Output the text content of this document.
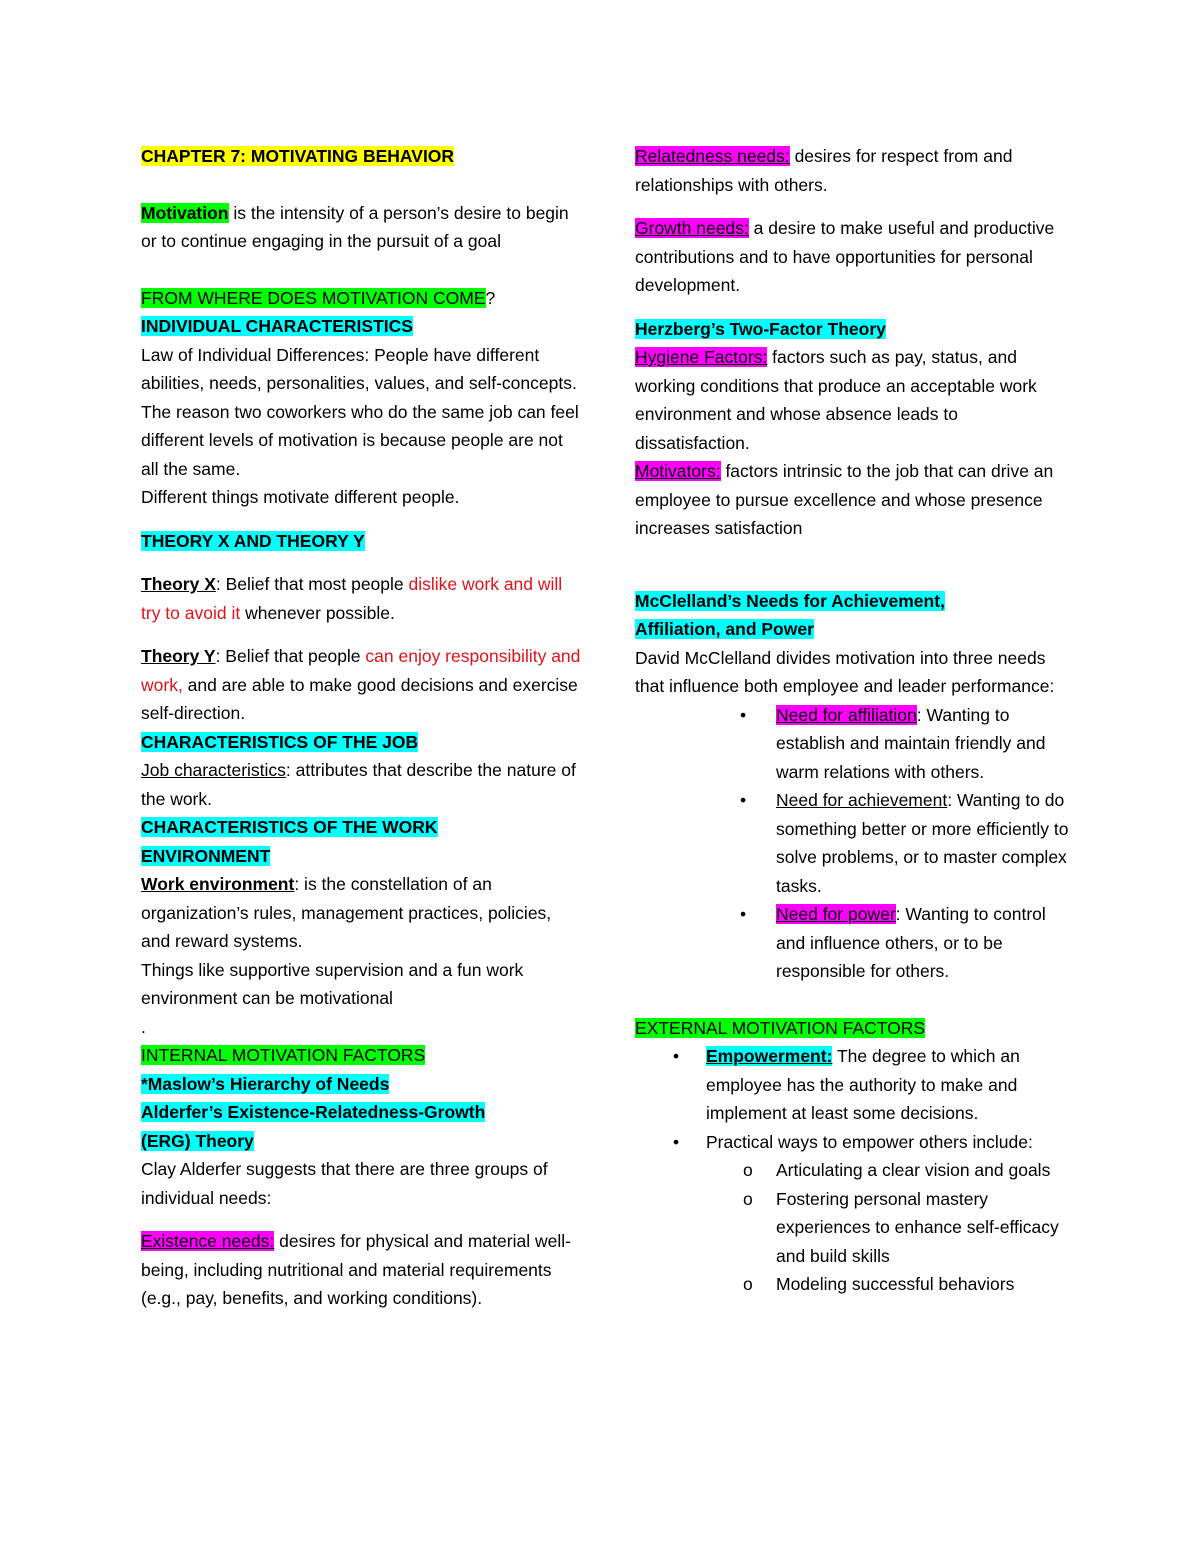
CHAPTER 7: MOTIVATING BEHAVIOR

Motivation is the intensity of a person’s desire to begin or to continue engaging in the pursuit of a goal

FROM WHERE DOES MOTIVATION COME?

INDIVIDUAL CHARACTERISTICS

Law of Individual Differences: People have different abilities, needs, personalities, values, and self-concepts.

The reason two coworkers who do the same job can feel different levels of motivation is because people are not all the same.

Different things motivate different people.

THEORY X AND THEORY Y

Theory X: Belief that most people dislike work and will try to avoid it whenever possible.

Theory Y: Belief that people can enjoy responsibility and work, and are able to make good decisions and exercise self-direction.

CHARACTERISTICS OF THE JOB

Job characteristics: attributes that describe the nature of the work.

CHARACTERISTICS OF THE WORK
ENVIRONMENT

Work environment: is the constellation of an organization’s rules, management practices, policies, and reward systems.

Things like supportive supervision and a fun work environment can be motivational

.

INTERNAL MOTIVATION FACTORS

*Maslow’s Hierarchy of Needs

Alderfer’s Existence-Relatedness-Growth
(ERG) Theory

Clay Alderfer suggests that there are three groups of individual needs:

Existence needs: desires for physical and material well-being, including nutritional and material requirements (e.g., pay, benefits, and working conditions).

Relatedness needs: desires for respect from and relationships with others.

Growth needs: a desire to make useful and productive contributions and to have opportunities for personal development.

Herzberg’s Two-Factor Theory

Hygiene Factors: factors such as pay, status, and working conditions that produce an acceptable work environment and whose absence leads to dissatisfaction.

Motivators: factors intrinsic to the job that can drive an employee to pursue excellence and whose presence increases satisfaction

McClelland’s Needs for Achievement,
Affiliation, and Power

David McClelland divides motivation into three needs that influence both employee and leader performance:

• Need for affiliation: Wanting to establish and maintain friendly and warm relations with others.
• Need for achievement: Wanting to do something better or more efficiently to solve problems, or to master complex tasks.
• Need for power: Wanting to control and influence others, or to be responsible for others.

EXTERNAL MOTIVATION FACTORS

• Empowerment: The degree to which an employee has the authority to make and implement at least some decisions.
• Practical ways to empower others include:
o Articulating a clear vision and goals
o Fostering personal mastery experiences to enhance self-efficacy and build skills
o Modeling successful behaviors
